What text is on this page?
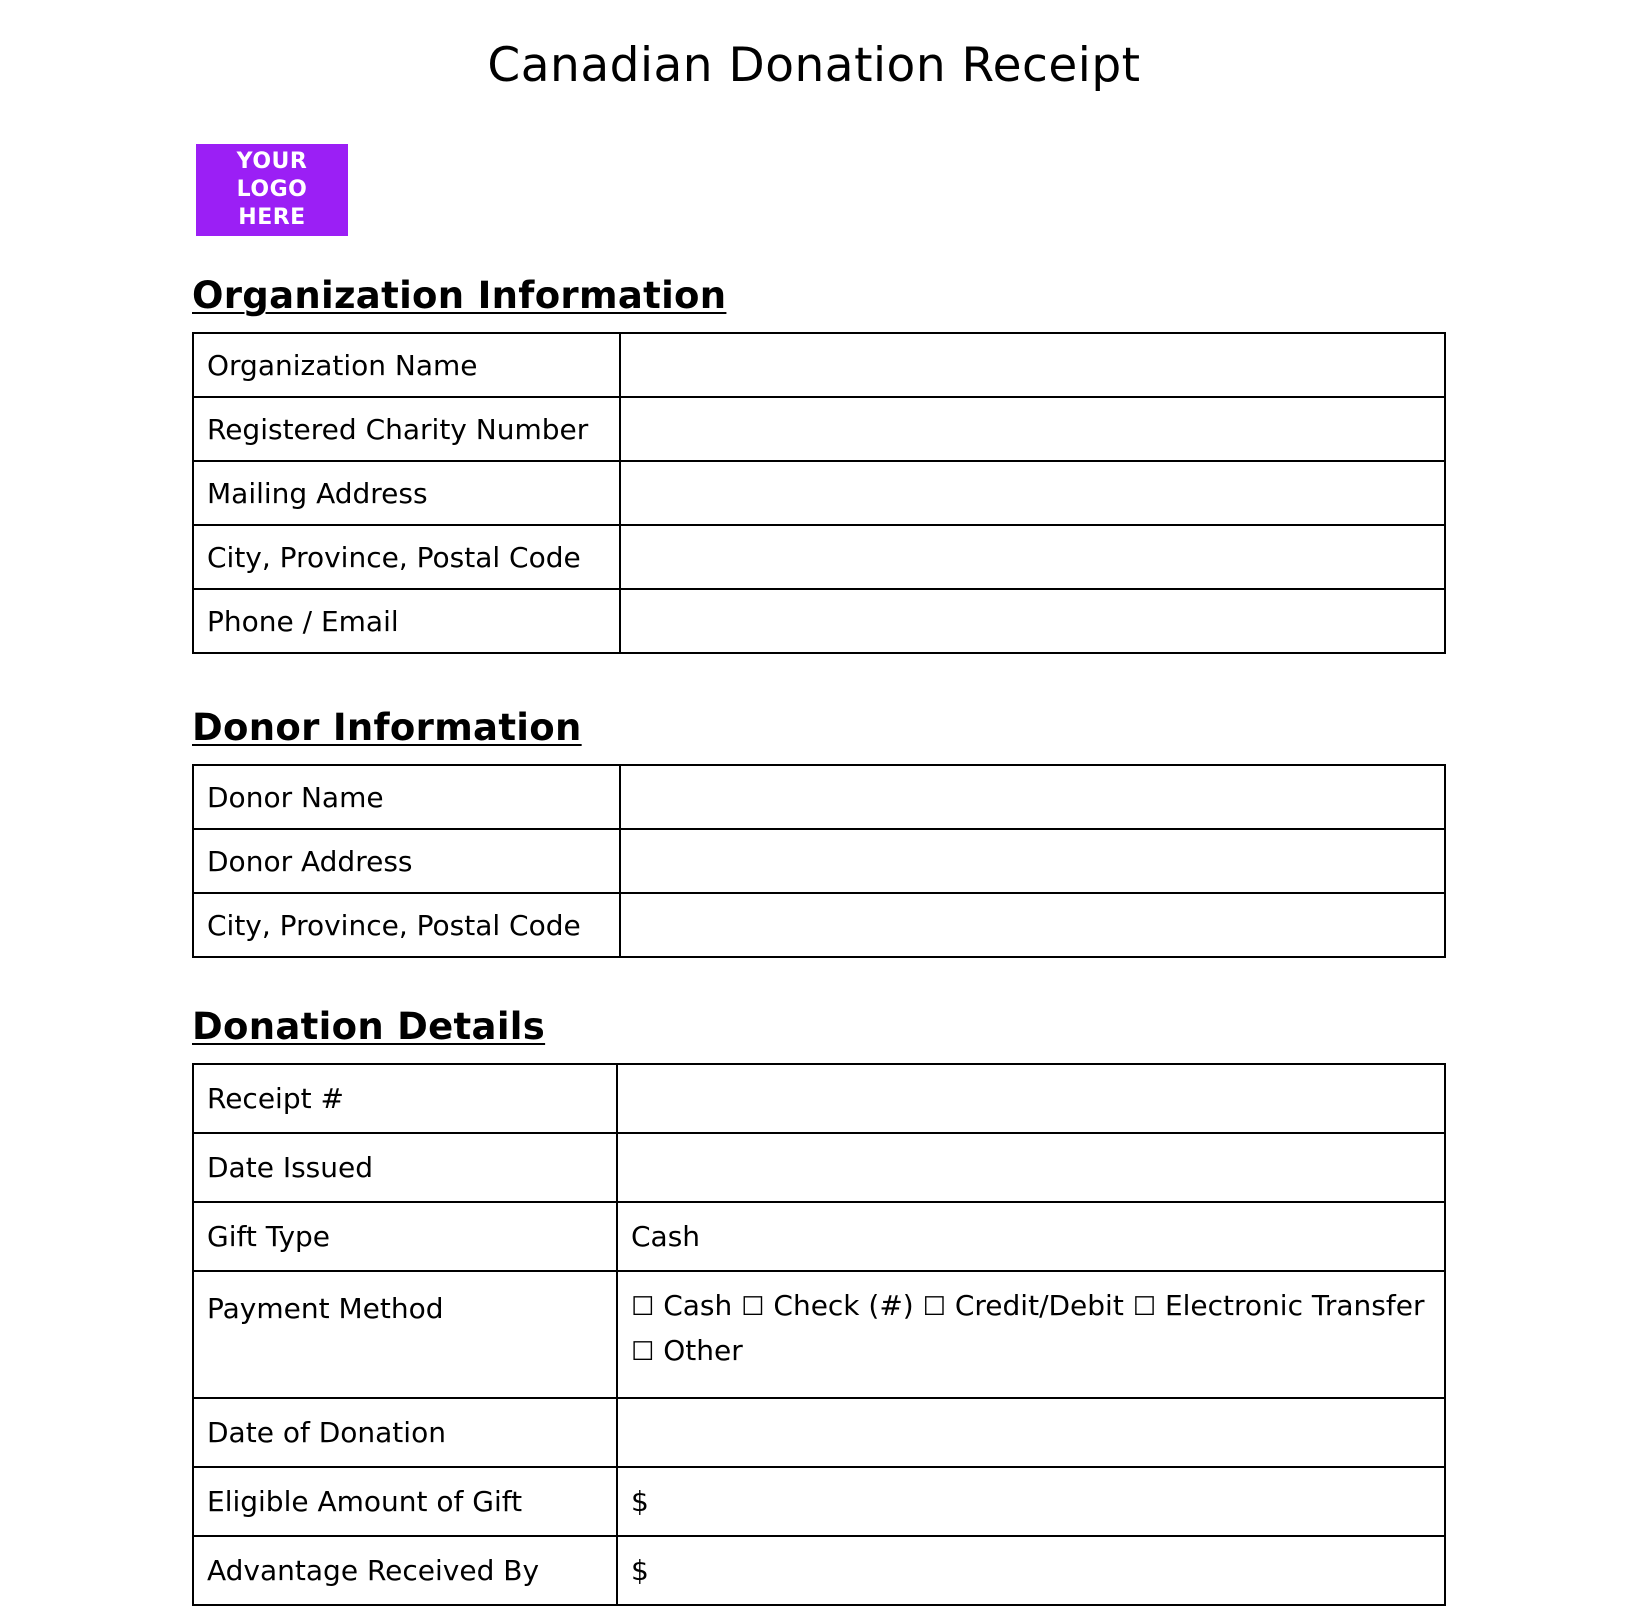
Canadian Donation Receipt
YOUR
LOGO
HERE
Organization Information
Organization Name	
Registered Charity Number	
Mailing Address	
City, Province, Postal Code	
Phone / Email	
Donor Information
Donor Name	
Donor Address	
City, Province, Postal Code	
Donation Details
Receipt #	
Date Issued	
Gift Type	Cash
Payment Method	☐ Cash ☐ Check (#) ☐ Credit/Debit ☐ Electronic Transfer ☐ Other
Date of Donation	
Eligible Amount of Gift	$
Advantage Received By	$
